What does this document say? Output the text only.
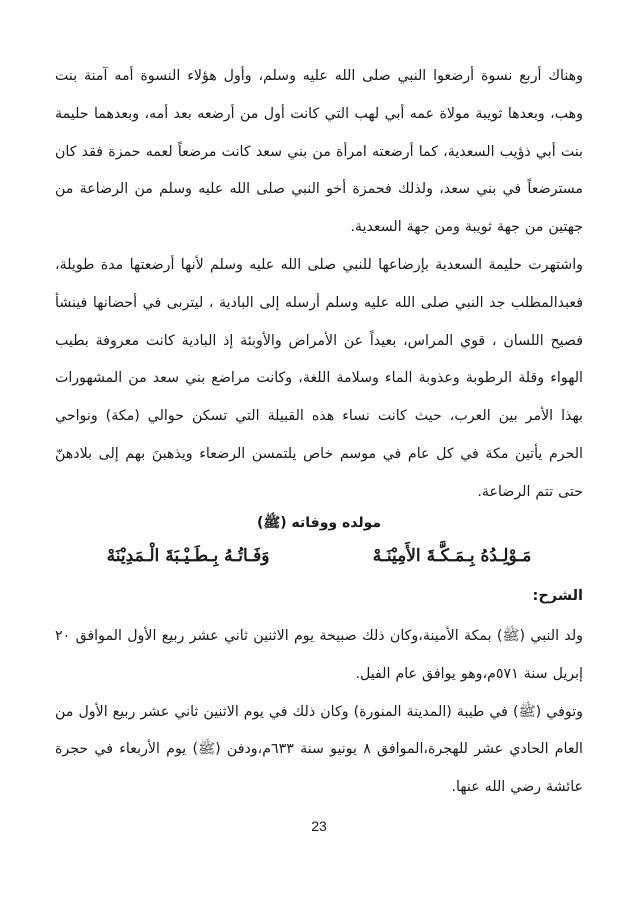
وهناك أربع نسوة أرضعوا النبي صلى الله عليه وسلم، وأول هؤلاء النسوة أمه آمنة بنت وهب، وبعدها ثويبة مولاة عمه أبي لهب التي كانت أول من أرضعه بعد أمه، وبعدهما حليمة بنت أبي ذؤيب السعدية، كما أرضعته امرأة من بني سعد كانت مرضعاً لعمه حمزة فقد كان مسترضعاً في بني سعد، ولذلك فحمزة أخو النبي صلى الله عليه وسلم من الرضاعة من جهتين من جهة ثويبة ومن جهة السعدية.

واشتهرت حليمة السعدية بإرضاعها للنبي صلى الله عليه وسلم لأنها أرضعتها مدة طويلة، فعبدالمطلب جد النبي صلى الله عليه وسلم أرسله إلى البادية ، ليتربى في أحضانها فينشأ فصيح اللسان ، قوي المراس، بعيداً عن الأمراض والأوبئة إذ البادية كانت معروفة بطيب الهواء وقلة الرطوبة وعذوبة الماء وسلامة اللغة، وكانت مراضع بني سعد من المشهورات بهذا الأمر بين العرب، حيث كانت نساء هذه القبيلة التي تسكن حوالي (مكة) ونواحي الحرم يأتين مكة في كل عام في موسم خاص يلتمسن الرضعاء ويذهبنَ بهم إلى بلادهنّ حتى تتم الرضاعة.

مولده ووفاته (ﷺ)
مَـوْلِـدُهُ بِـمَـكَّـةَ الأَمِيْنَـهْ
وَفَـاتُـهُ بِـطَـيْـبَةَ الْـمَدِيْنَهْ

الشرح:

ولد النبي (ﷺ) بمكة الأمينة،وكان ذلك صبيحة يوم الاثنين ثاني عشر ربيع الأول الموافق ٢٠ إبريل سنة ٥٧١م،وهو يوافق عام الفيل.

وتوفي (ﷺ) في طيبة (المدينة المنورة) وكان ذلك في يوم الاثنين ثاني عشر ربيع الأول من العام الحادي عشر للهجرة،الموافق ٨ يونيو سنة ٦٣٣م،ودفن (ﷺ) يوم الأربعاء في حجرة عائشة رضي الله عنها.

23
